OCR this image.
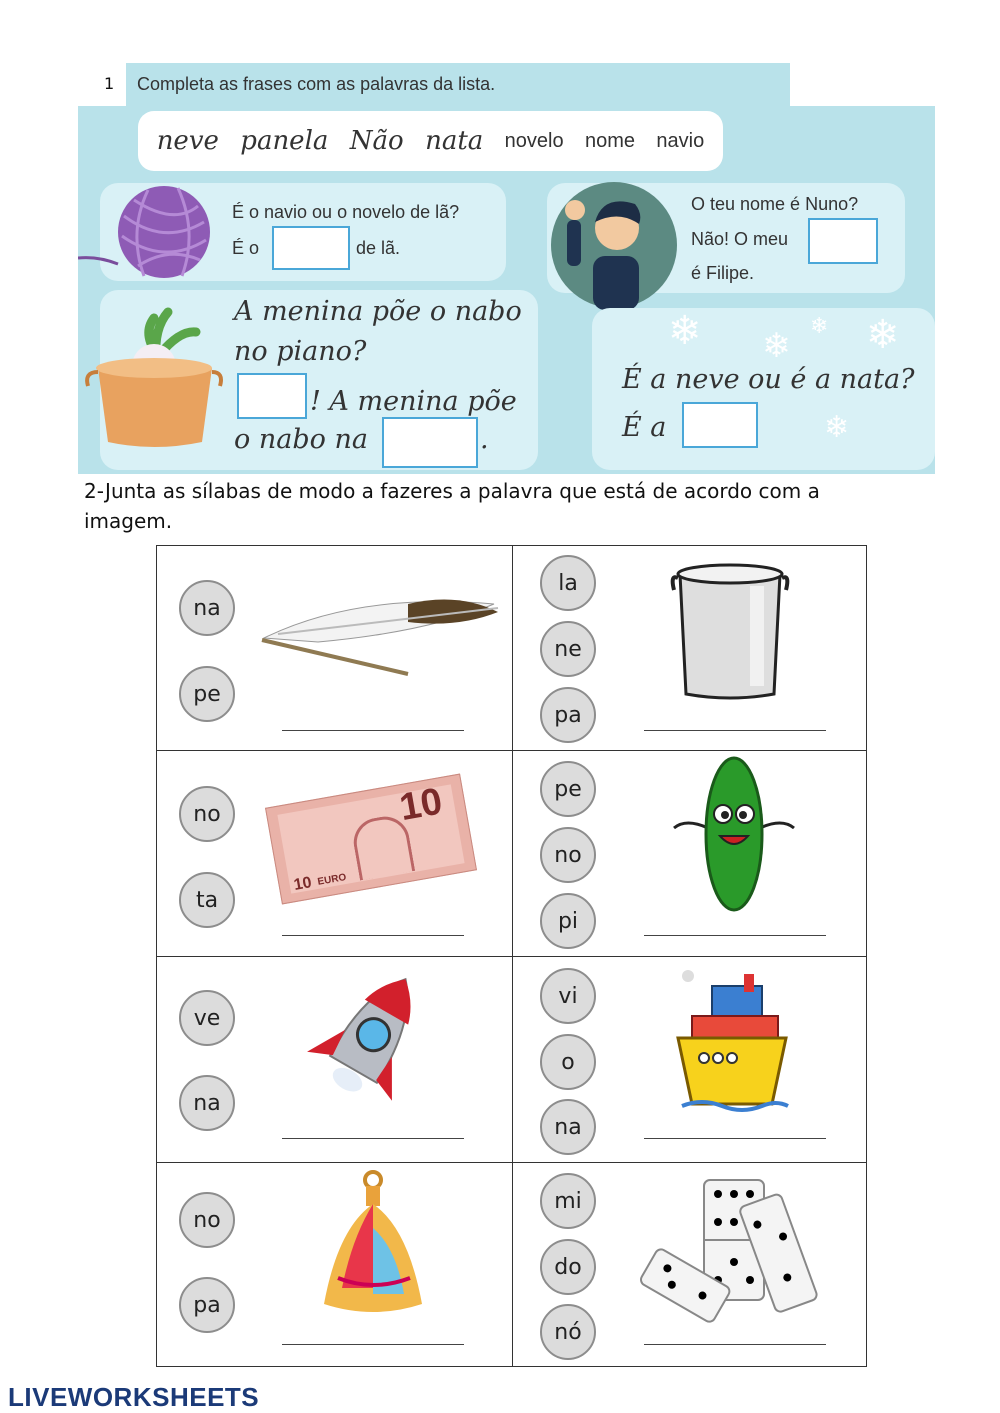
1 Completa as frases com as palavras da lista.
neve panela Não nata novelo nome navio
É o navio ou o novelo de lã?
É o	de lã.
O teu nome é Nuno?
Não! O meu
é Filipe.
A menina põe o nabo
no piano?
! A menina põe
o nabo na	.
❄ ❄ ❄ ❄
❄
É a neve ou é a nata?
É a
2-Junta as sílabas de modo a fazeres a palavra que está de acordo com a imagem.
na
pe
la
ne
pa
no
ta
10
10 EURO
pe
no
pi
ve
na
vi
o
na
no
pa
mi
do
nó
LIVEWORKSHEETS
